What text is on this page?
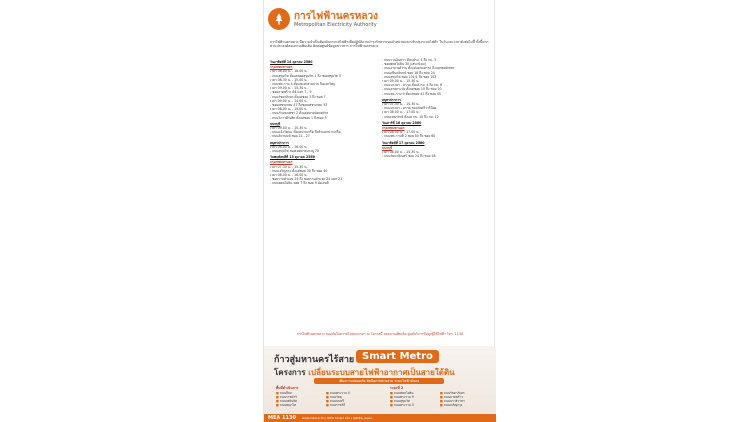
การไฟฟ้านครหลวง
Metropolitan Electricity Authority
การไฟฟ้านครหลวง มีความจำเป็นต้องดับกระแสไฟฟ้าเพื่อปฏิบัติงานบำรุงรักษาระบบจำหน่ายและปรับปรุงระบบไฟฟ้า ในวันและเวลาดังต่อไปนี้ ทั้งนี้หากท่านประสงค์สอบถามเพิ่มเติม ติดต่อศูนย์ข้อมูลข่าวสาร การไฟฟ้านครหลวง
วันอาทิตย์ที่ 14 ตุลาคม 2560
กรุงเทพมหานคร
เวลา 08.00 น. - 16.00 น.
- ถนนสุขุมวิท ตั้งแต่ซอยสุขุมวิท 1 ถึง ซอยสุขุมวิท 5
เวลา 08.30 น. - 15.00 น.
- ถนนพระราม 4 ตั้งแต่แยกสามย่าน ถึงแยกวิทยุ
เวลา 09.00 น. - 15.30 น.
- ซอยลาดพร้าว 64 แยก 7 - 9
- ถนนรัชดาภิเษก ตั้งแต่ซอย 3 ถึง ซอย 7
เวลา 09.00 น. - 14.00 น.
- ซอยเพชรเกษม 47 ถึงซอยเพชรเกษม 53
เวลา 08.00 น. - 15.00 น.
- ถนนกำแพงเพชร 2 ตั้งแต่ตลาดนัดจตุจักร
- ถนนวิภาวดีรังสิต ตั้งแต่ซอย 1 ถึงซอย 3
นนทบุรี
เวลา 09.00 น. - 15.30 น.
- ถนนแจ้งวัฒนะ ตั้งแต่ปากเกร็ด ถึงห้าแยกปากเกร็ด
- ถนนติวานนท์ ซอย 21 - 27
สมุทรปราการ
เวลา 08.00 น. - 16.00 น.
- ถนนสุขุมวิท ซอยเทศบาลบางปู 70
วันพฤหัสบดีที่ 15 ตุลาคม 2560
กรุงเทพมหานคร
เวลา 07.30 น. - 15.30 น.
- ถนนเจริญกรุง ตั้งแต่ซอย 30 ถึง ซอย 40
เวลา 08.00 น. - 16.00 น.
- ซอยรามคำแหง 24 ถึง ซอยรามคำแหง 24 แยก 21
- ถนนพหลโยธิน ซอย 7 ถึง ซอย 9 ฝั่งเลขคี่
- ถนนรามอินทรา ตั้งแต่กม. 1 ถึง กม. 3
- ซอยพหลโยธิน 30 (เสนานิคม)
- ถนนงามวงศ์วาน ตั้งแต่แยกแคราย ถึงแยกพงษ์เพชร
- ถนนศรีนครินทร์ ซอย 18 ถึง ซอย 24
- ถนนสุขุมวิท ซอย 101/1 ถึง ซอย 103
เวลา 09.00 น. - 15.30 น.
- ถนนบางนา - ตราด ตั้งแต่ กม. 4 ถึง กม. 6
- ถนนลาดกระบัง ตั้งแต่ซอย 10 ถึง ซอย 20
- ถนนพระราม 9 ตั้งแต่ซอย 41 ถึง ซอย 45
สมุทรปราการ
เวลา 07.30 น. - 15.30 น.
- ถนนบางนา - ตราด ซอยวัดศรีวารีน้อย
เวลา 08.00 น. - 17.00 น.
- ถนนเทพารักษ์ ตั้งแต่ กม. 10 ถึง กม. 12
วันเสาร์ที่ 16 ตุลาคม 2560
กรุงเทพมหานคร
เวลา 08.00 น. - 17.00 น.
- ถนนพระรามที่ 2 ซอย 50 ถึง ซอย 60
วันอาทิตย์ที่ 17 ตุลาคม 2560
นนทบุรี
เวลา 08.00 น. - 15.30 น.
- ถนนรัตนาธิเบศร์ ซอย 24 ถึง ซอย 28
การไฟฟ้านครหลวง ขออภัยในความไม่สะดวกมา ณ โอกาสนี้ สอบถามเพิ่มเติม ศูนย์บริการข้อมูลผู้ใช้ไฟฟ้า โทร. 1130
ก้าวสู่มหานครไร้สาย Smart Metro
โครงการ เปลี่ยนระบบสายไฟฟ้าอากาศเป็นสายใต้ดิน
เพิ่มความปลอดภัย ทัศนียภาพสวยงาม ระบบไฟฟ้ามั่นคง
พื้นที่ดำเนินการ	ระยะที่ 2
■ ถนนสีลม	■ ถนนพระราม 4
■ ถนนราชดำริ	■ ถนนวิทยุ
■ ถนนเพลินจิต	■ ถนนนนทรี
■ ถนนพญาไท	■ ถนนราชวิถี
■ ถนนพหลโยธิน	■ ถนนรัชดาภิเษก
■ ถนนพระราม 9	■ ถนนลาดพร้าว
■ ถนนสุขุมวิท	■ ถนนนราธิวาสฯ
■ ถนนพระราม 3	■ ถนนเจริญกรุง
MEA 1130 www.mea.or.th | MEA Smart Life | @MEA_news
